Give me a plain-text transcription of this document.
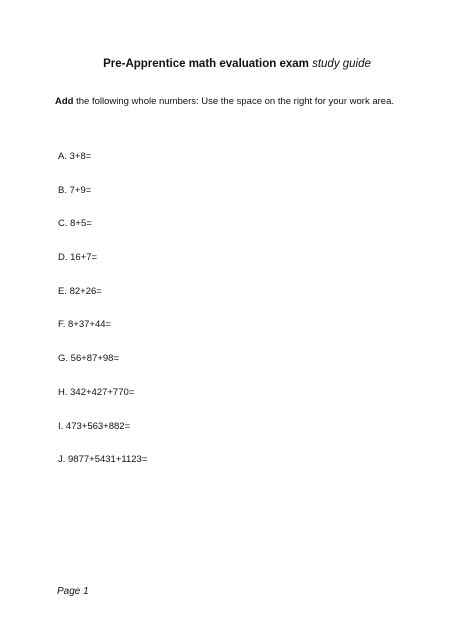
Pre-Apprentice math evaluation exam study guide
Add the following whole numbers: Use the space on the right for your work area.
A. 3+8=
B. 7+9=
C. 8+5=
D. 16+7=
E. 82+26=
F. 8+37+44=
G. 56+87+98=
H. 342+427+770=
I. 473+563+882=
J. 9877+5431+1123=
Page 1
